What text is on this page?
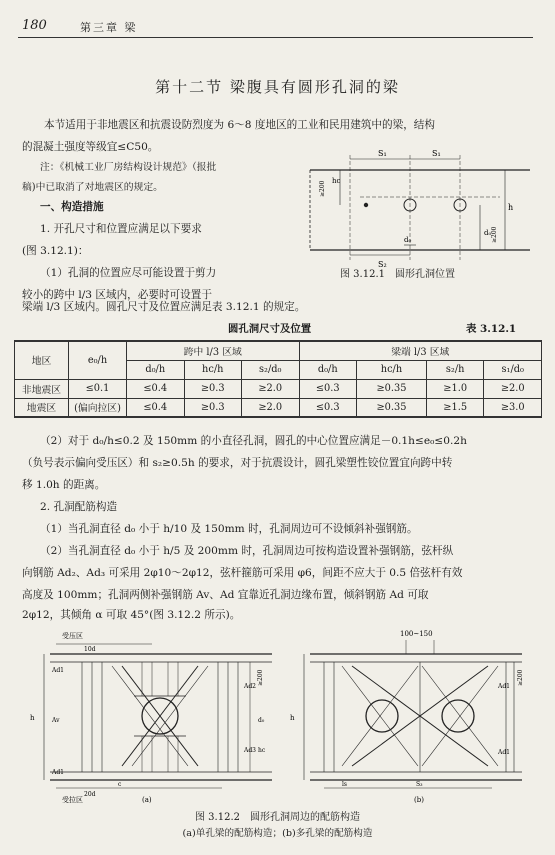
180	第三章 梁
第十二节 梁腹具有圆形孔洞的梁
本节适用于非地震区和抗震设防烈度为 6～8 度地区的工业和民用建筑中的梁，结构
的混凝土强度等级宜≤C50。
注：《机械工业厂房结构设计规范》（报批
稿)中已取消了对地震区的规定。
一、构造措施
1. 开孔尺寸和位置应满足以下要求
(图 3.12.1)：
（1）孔洞的位置应尽可能设置于剪力
较小的跨中 l/3 区域内，必要时可设置于
梁端 l/3 区域内。圆孔尺寸及位置应满足表 3.12.1 的规定。
S₁	S₁
S₂
d₀
hc
h
d₀
≥200
≥200
图 3.12.1　圆形孔洞位置
圆孔洞尺寸及位置	表 3.12.1
地区	e₀/h	跨中 l/3 区域			梁端 l/3 区域			
		d₀/h	hc/h	s₂/d₀	d₀/h	hc/h	s₂/h	s₁/d₀
非地震区	≤0.1	≤0.4	≥0.3	≥2.0	≤0.3	≥0.35	≥1.0	≥2.0
地震区	(偏向拉区)	≤0.4	≥0.3	≥2.0	≤0.3	≥0.35	≥1.5	≥3.0
（2）对于 d₀/h≤0.2 及 150mm 的小直径孔洞，圆孔的中心位置应满足－0.1h≤e₀≤0.2h
（负号表示偏向受压区）和 s₂≥0.5h 的要求，对于抗震设计，圆孔梁塑性铰位置宜向跨中转
移 1.0h 的距离。
2. 孔洞配筋构造
（1）当孔洞直径 d₀ 小于 h/10 及 150mm 时，孔洞周边可不设倾斜补强钢筋。
（2）当孔洞直径 d₀ 小于 h/5 及 200mm 时，孔洞周边可按构造设置补强钢筋，弦杆纵
向钢筋 Ad₂、Ad₃ 可采用 2φ10～2φ12，弦杆箍筋可采用 φ6，间距不应大于 0.5 倍弦杆有效
高度及 100mm；孔洞两侧补强钢筋 Av、Ad 宜靠近孔洞边缘布置，倾斜钢筋 Ad 可取
2φ12，其倾角 α 可取 45°(图 3.12.2 所示)。
受压区
受拉区
10d
20d
h
Ad1
Ad1
Ad2
Ad3
Av	d₀
hc
c
≥200
(a)
100~150
h
ls	S₃
Ad1
Ad1
≥200
(b)
图 3.12.2　圆形孔洞周边的配筋构造
(a)单孔梁的配筋构造；(b)多孔梁的配筋构造
